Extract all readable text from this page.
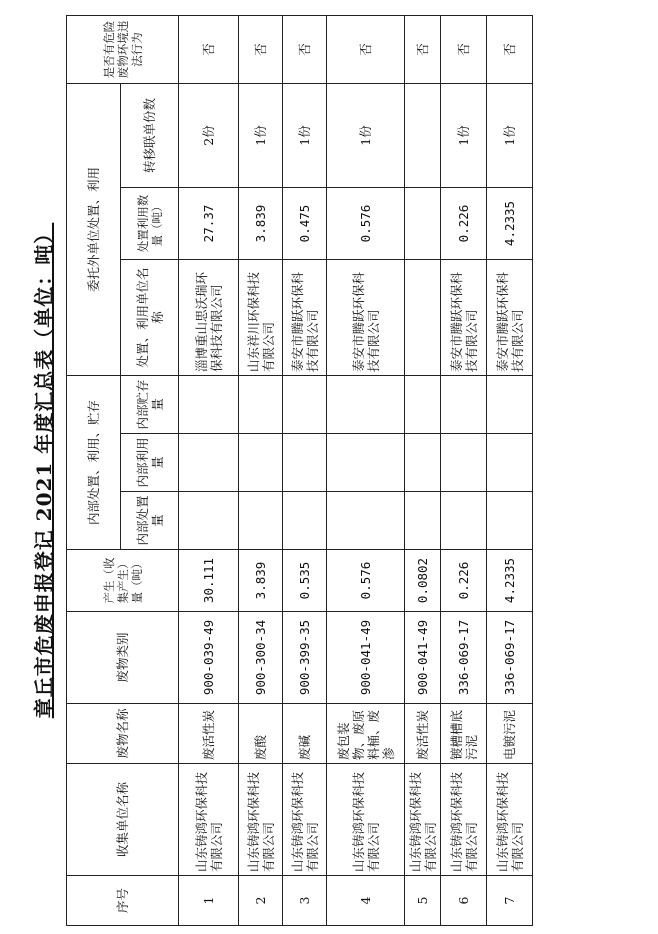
章丘市危废申报登记 2021 年度汇总表（单位：吨）											
序号	收集单位名称	废物名称	废物类别	产生（收集产生）量（吨）	内部处置、利用、贮存			委托外单位处置、利用			是否有危险废物环境违法行为
					内部处置量	内部利用量	内部贮存量	处置、利用单位名称	处置利用数量（吨）	转移联单份数	
1	山东铸鸿环保科技有限公司	废活性炭	900-039-49	30.111				淄博重山思沃瑞环保科技有限公司	27.37	2份	否
2	山东铸鸿环保科技有限公司	废酸	900-300-34	3.839				山东祥川环保科技有限公司	3.839	1份	否
3	山东铸鸿环保科技有限公司	废碱	900-399-35	0.535				泰安市腾跃环保科技有限公司	0.475	1份	否
4	山东铸鸿环保科技有限公司	废包装物、废原料桶、废渗	900-041-49	0.576				泰安市腾跃环保科技有限公司	0.576	1份	否
5	山东铸鸿环保科技有限公司	废活性炭	900-041-49	0.0802							否
6	山东铸鸿环保科技有限公司	镀槽槽底污泥	336-069-17	0.226				泰安市腾跃环保科技有限公司	0.226	1份	否
7	山东铸鸿环保科技有限公司	电镀污泥	336-069-17	4.2335				泰安市腾跃环保科技有限公司	4.2335	1份	否
